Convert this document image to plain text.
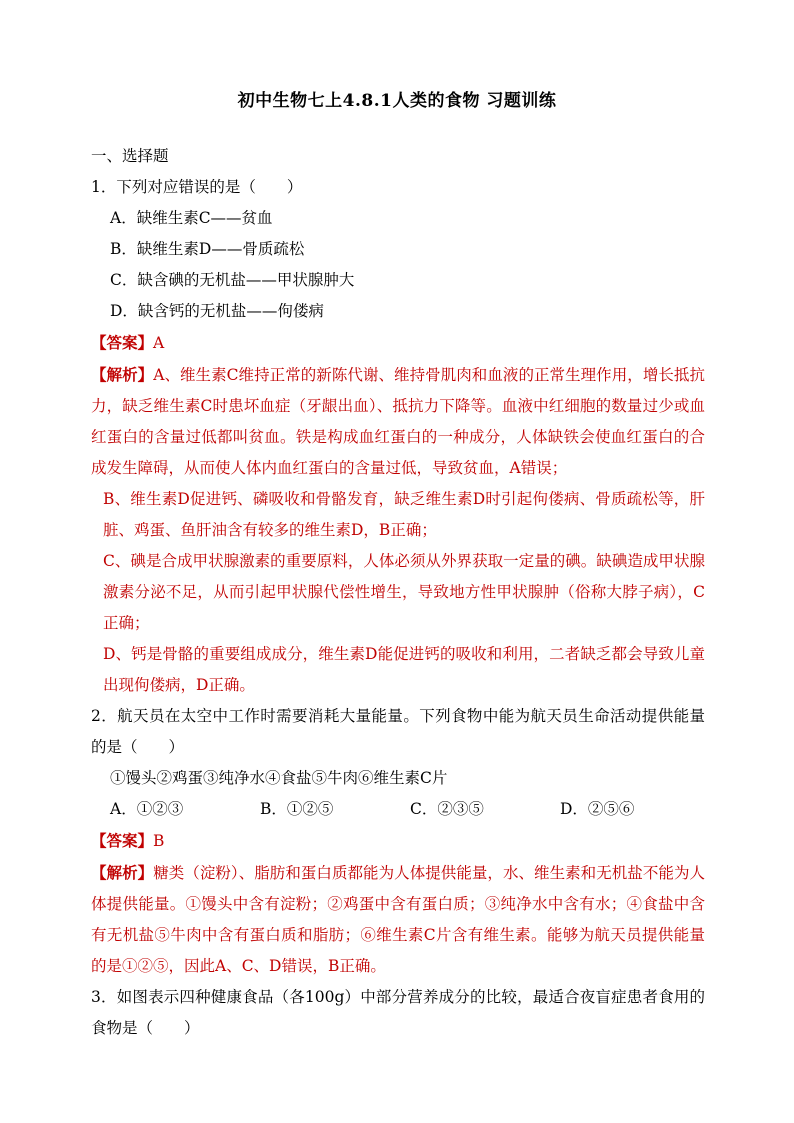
初中生物七上4.8.1人类的食物 习题训练
一、选择题
1．下列对应错误的是（　　）
A．缺维生素C——贫血
B．缺维生素D——骨质疏松
C．缺含碘的无机盐——甲状腺肿大
D．缺含钙的无机盐——佝偻病
【答案】A
【解析】A、维生素C维持正常的新陈代谢、维持骨肌肉和血液的正常生理作用，增长抵抗力，缺乏维生素C时患坏血症（牙龈出血）、抵抗力下降等。血液中红细胞的数量过少或血红蛋白的含量过低都叫贫血。铁是构成血红蛋白的一种成分，人体缺铁会使血红蛋白的合成发生障碍，从而使人体内血红蛋白的含量过低，导致贫血，A错误；
B、维生素D促进钙、磷吸收和骨骼发育，缺乏维生素D时引起佝偻病、骨质疏松等，肝脏、鸡蛋、鱼肝油含有较多的维生素D，B正确；
C、碘是合成甲状腺激素的重要原料，人体必须从外界获取一定量的碘。缺碘造成甲状腺激素分泌不足，从而引起甲状腺代偿性增生，导致地方性甲状腺肿（俗称大脖子病），C正确；
D、钙是骨骼的重要组成成分，维生素D能促进钙的吸收和利用，二者缺乏都会导致儿童出现佝偻病，D正确。
2．航天员在太空中工作时需要消耗大量能量。下列食物中能为航天员生命活动提供能量的是（　　）
①馒头②鸡蛋③纯净水④食盐⑤牛肉⑥维生素C片
A．①②③	B．①②⑤	C．②③⑤	D．②⑤⑥
【答案】B
【解析】糖类（淀粉）、脂肪和蛋白质都能为人体提供能量，水、维生素和无机盐不能为人体提供能量。①馒头中含有淀粉；②鸡蛋中含有蛋白质；③纯净水中含有水；④食盐中含有无机盐⑤牛肉中含有蛋白质和脂肪；⑥维生素C片含有维生素。能够为航天员提供能量的是①②⑤，因此A、C、D错误，B正确。
3．如图表示四种健康食品（各100g）中部分营养成分的比较，最适合夜盲症患者食用的食物是（　　）
